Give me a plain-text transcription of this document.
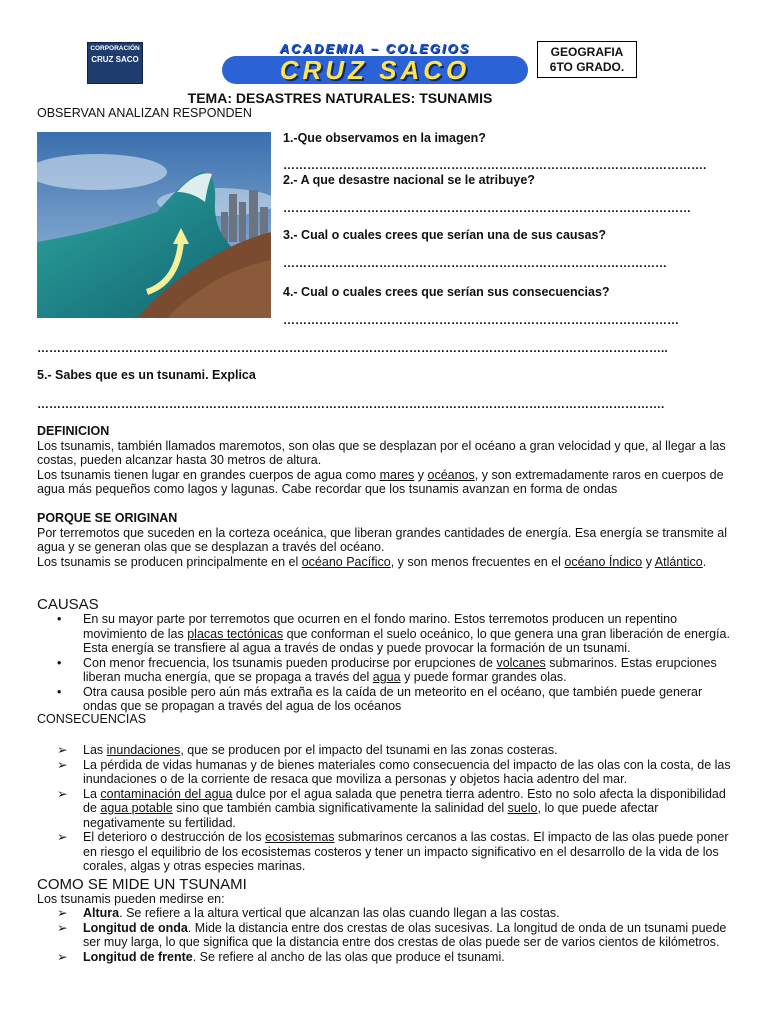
CORPORACIÓN
CRUZ SACO
ACADEMIA – COLEGIOS
CRUZ SACO
GEOGRAFIA
6TO GRADO.
TEMA: DESASTRES NATURALES: TSUNAMIS
OBSERVAN ANALIZAN RESPONDEN
1.-Que observamos en la imagen?
…………………………………………………………………………………………….
2.- A que desastre nacional se le atribuye?
…………………………………………………………………………………………
3.- Cual o cuales crees que serían una de sus causas?
……………………………………………………………………………………
4.- Cual o cuales crees que serían sus consecuencias?
………………………………………………………………………………………
…………………………………………………………………………………………………………………………………………..
5.- Sabes que es un tsunami. Explica
………………………………………………………………………………………………………………………………………….
DEFINICION
Los tsunamis, también llamados maremotos, son olas que se desplazan por el océano a gran velocidad y que, al llegar a las costas, pueden alcanzar hasta 30 metros de altura.
Los tsunamis tienen lugar en grandes cuerpos de agua como mares y océanos, y son extremadamente raros en cuerpos de agua más pequeños como lagos y lagunas. Cabe recordar que los tsunamis avanzan en forma de ondas
PORQUE SE ORIGINAN
Por terremotos que suceden en la corteza oceánica, que liberan grandes cantidades de energía. Esa energía se transmite al agua y se generan olas que se desplazan a través del océano.
Los tsunamis se producen principalmente en el océano Pacífico, y son menos frecuentes en el océano Índico y Atlántico.
CAUSAS
• En su mayor parte por terremotos que ocurren en el fondo marino. Estos terremotos producen un repentino movimiento de las placas tectónicas que conforman el suelo oceánico, lo que genera una gran liberación de energía. Esta energía se transfiere al agua a través de ondas y puede provocar la formación de un tsunami.
• Con menor frecuencia, los tsunamis pueden producirse por erupciones de volcanes submarinos. Estas erupciones liberan mucha energía, que se propaga a través del agua y puede formar grandes olas.
• Otra causa posible pero aún más extraña es la caída de un meteorito en el océano, que también puede generar ondas que se propagan a través del agua de los océanos
CONSECUENCIAS
➢ Las inundaciones, que se producen por el impacto del tsunami en las zonas costeras.
➢ La pérdida de vidas humanas y de bienes materiales como consecuencia del impacto de las olas con la costa, de las inundaciones o de la corriente de resaca que moviliza a personas y objetos hacia adentro del mar.
➢ La contaminación del agua dulce por el agua salada que penetra tierra adentro. Esto no solo afecta la disponibilidad de agua potable sino que también cambia significativamente la salinidad del suelo, lo que puede afectar negativamente su fertilidad.
➢ El deterioro o destrucción de los ecosistemas submarinos cercanos a las costas. El impacto de las olas puede poner en riesgo el equilibrio de los ecosistemas costeros y tener un impacto significativo en el desarrollo de la vida de los corales, algas y otras especies marinas.
COMO SE MIDE UN TSUNAMI
Los tsunamis pueden medirse en:
➢ Altura. Se refiere a la altura vertical que alcanzan las olas cuando llegan a las costas.
➢ Longitud de onda. Mide la distancia entre dos crestas de olas sucesivas. La longitud de onda de un tsunami puede ser muy larga, lo que significa que la distancia entre dos crestas de olas puede ser de varios cientos de kilómetros.
➢ Longitud de frente. Se refiere al ancho de las olas que produce el tsunami.
